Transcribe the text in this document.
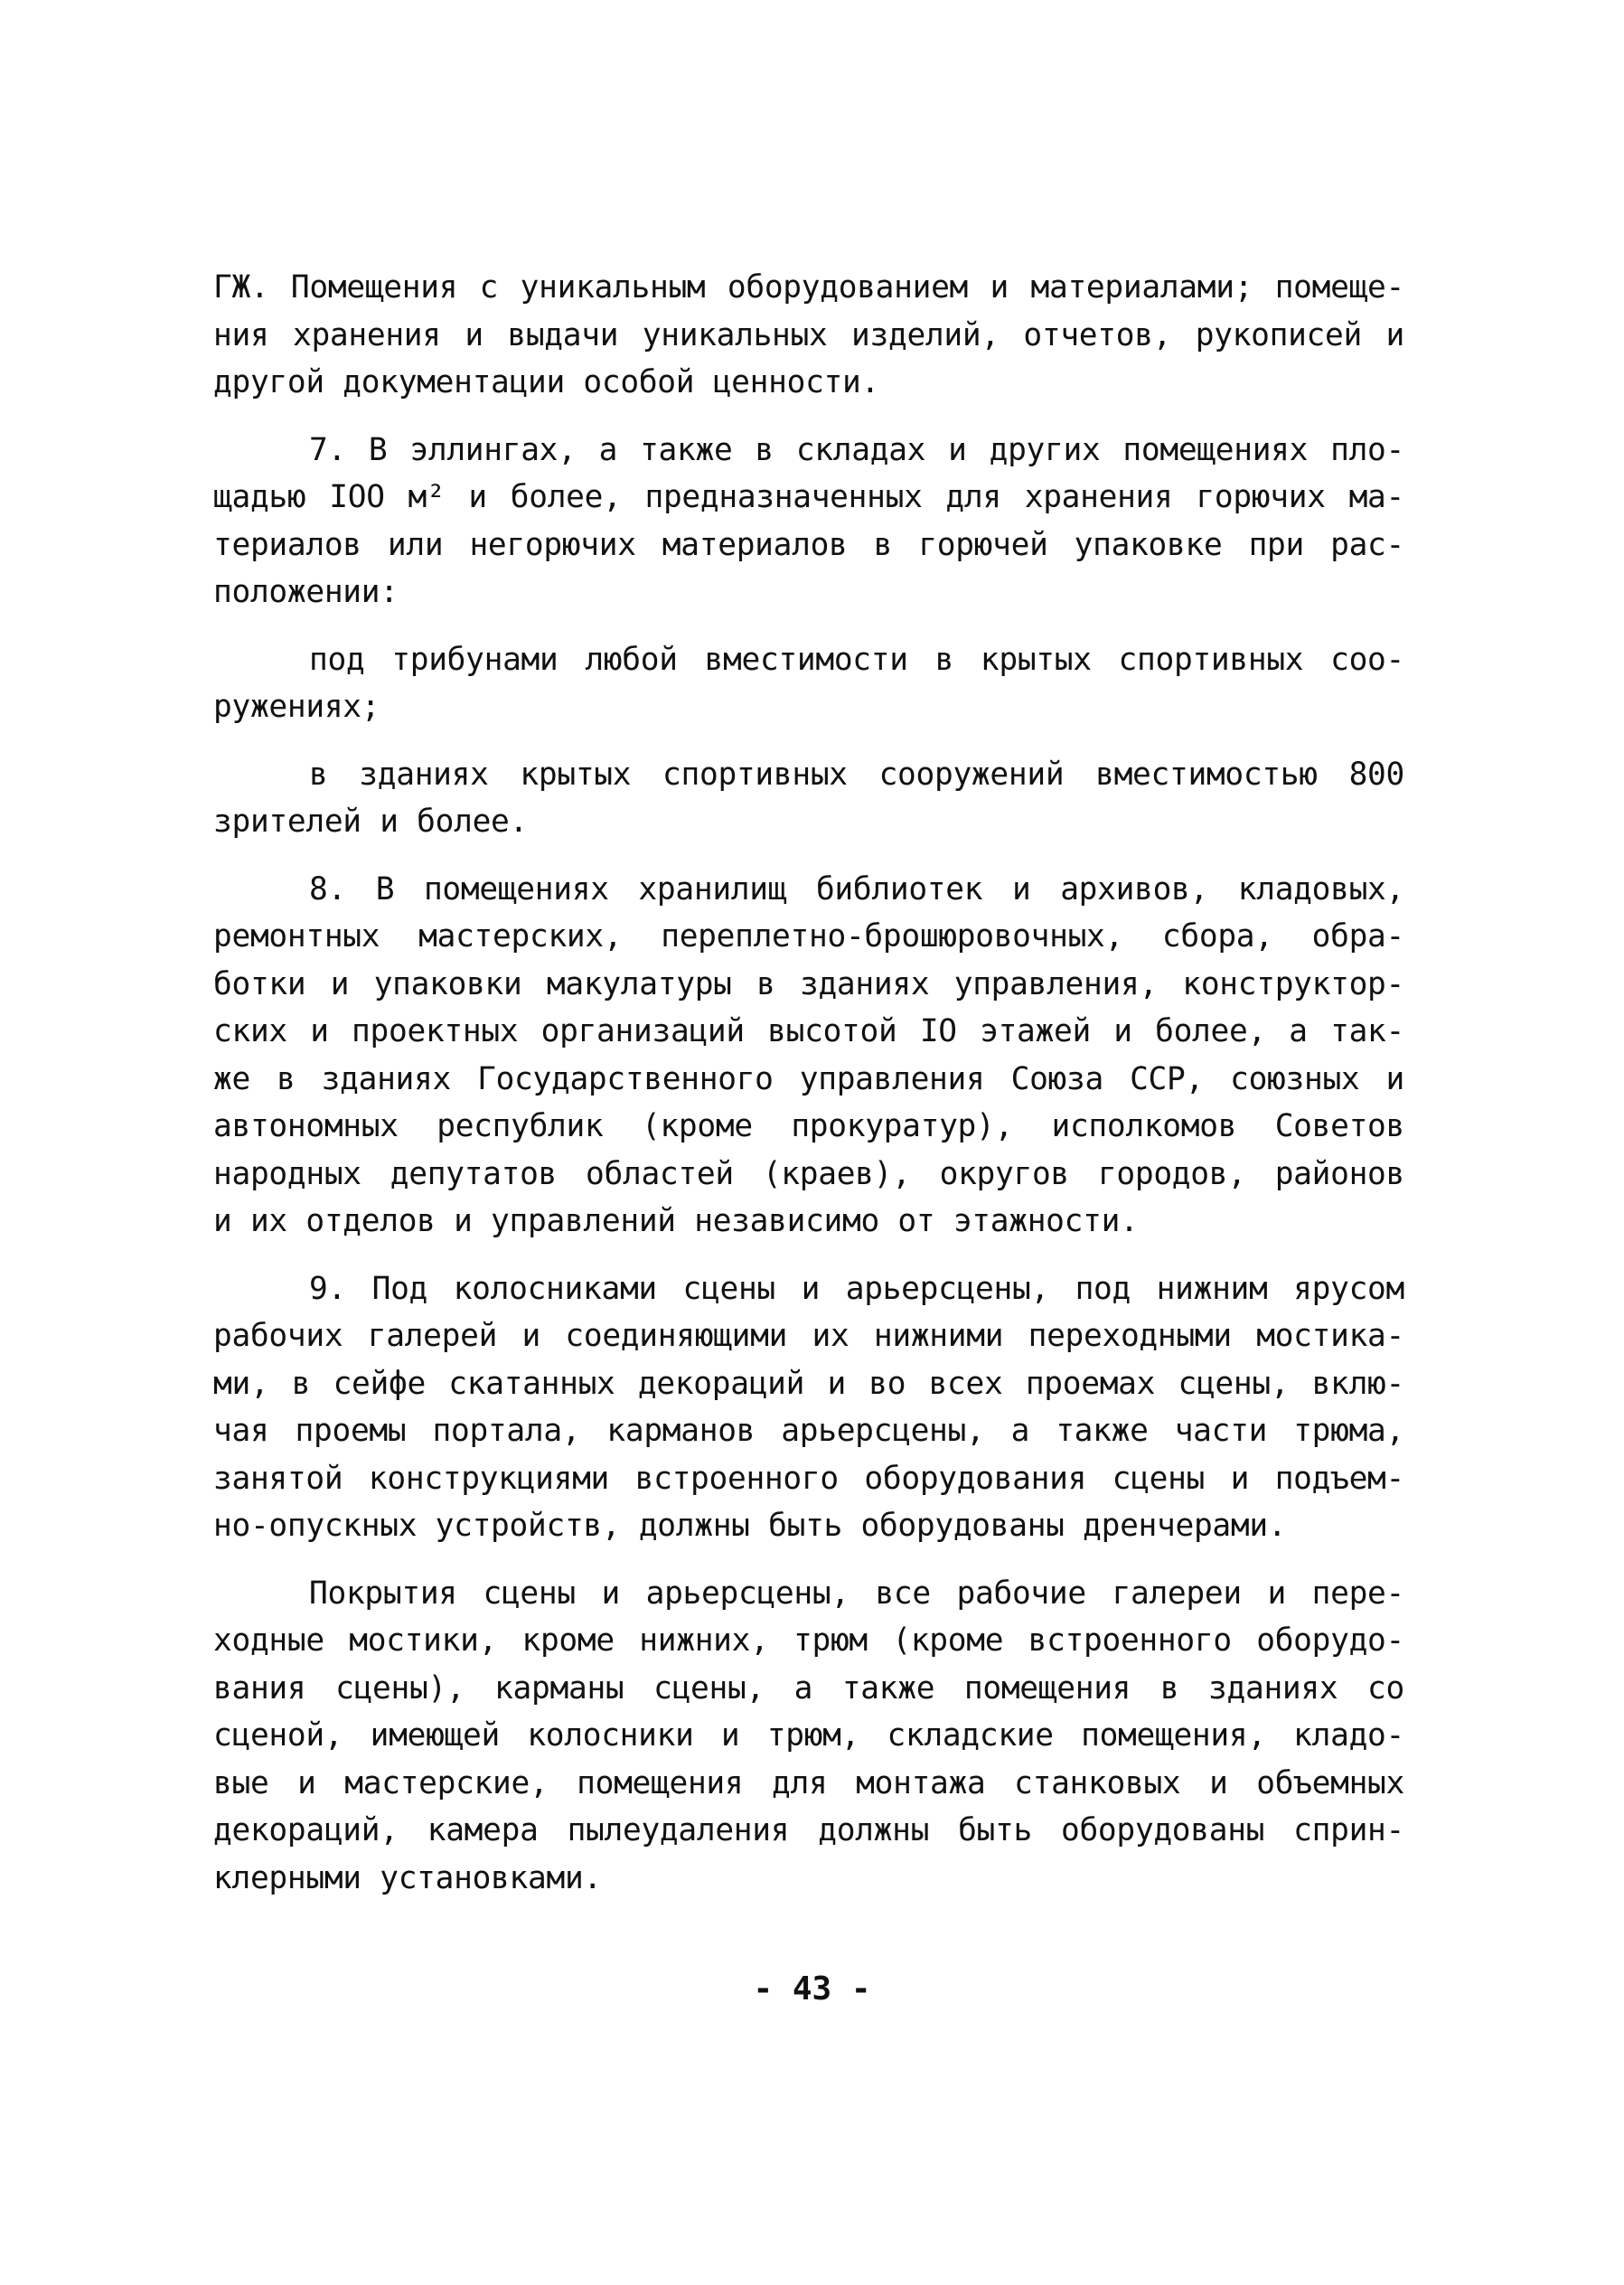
ГЖ. Помещения с уникальным оборудованием и материалами; помеще-
ния хранения и выдачи уникальных изделий, отчетов, рукописей и
другой документации особой ценности.
7. В эллингах, а также в складах и других помещениях пло-
щадью IOO м² и более, предназначенных для хранения горючих ма-
териалов или негорючих материалов в горючей упаковке при рас-
положении:
под трибунами любой вместимости в крытых спортивных соо-
ружениях;
в зданиях крытых спортивных сооружений вместимостью 800
зрителей и более.
8. В помещениях хранилищ библиотек и архивов, кладовых,
ремонтных мастерских, переплетно-брошюровочных, сбора, обра-
ботки и упаковки макулатуры в зданиях управления, конструктор-
ских и проектных организаций высотой IO этажей и более, а так-
же в зданиях Государственного управления Союза ССР, союзных и
автономных республик (кроме прокуратур), исполкомов Советов
народных депутатов областей (краев), округов городов, районов
и их отделов и управлений независимо от этажности.
9. Под колосниками сцены и арьерсцены, под нижним ярусом
рабочих галерей и соединяющими их нижними переходными мостика-
ми, в сейфе скатанных декораций и во всех проемах сцены, вклю-
чая проемы портала, карманов арьерсцены, а также части трюма,
занятой конструкциями встроенного оборудования сцены и подъем-
но-опускных устройств, должны быть оборудованы дренчерами.
Покрытия сцены и арьерсцены, все рабочие галереи и пере-
ходные мостики, кроме нижних, трюм (кроме встроенного оборудо-
вания сцены), карманы сцены, а также помещения в зданиях со
сценой, имеющей колосники и трюм, складские помещения, кладо-
вые и мастерские, помещения для монтажа станковых и объемных
декораций, камера пылеудаления должны быть оборудованы сприн-
клерными установками.
- 43 -
